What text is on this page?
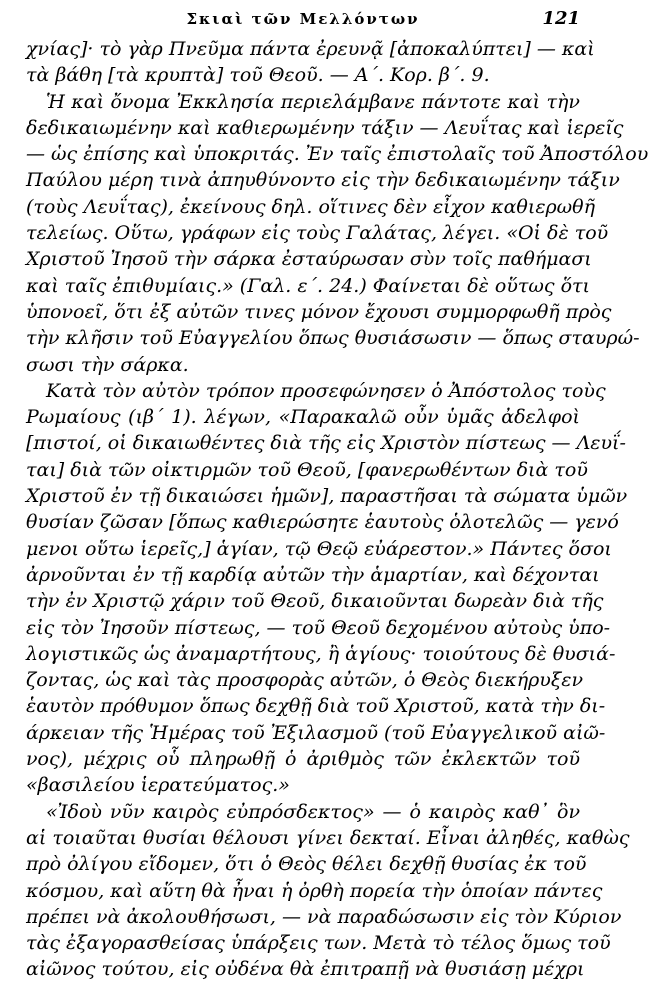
Σκιαὶ τῶν Μελλόντων	121
χνίας]· τὸ γὰρ Πνεῦμα πάντα ἐρευνᾷ [ἀποκαλύπτει] — καὶ
τὰ βάθη [τὰ κρυπτὰ] τοῦ Θεοῦ. — Α΄. Κορ. β΄. 9.
Ἡ καὶ ὄνομα Ἐκκλησία περιελάμβανε πάντοτε καὶ τὴν
δεδικαιωμένην καὶ καθιερωμένην τάξιν — Λευΐτας καὶ ἱερεῖς
— ὡς ἐπίσης καὶ ὑποκριτάς. Ἐν ταῖς ἐπιστολαῖς τοῦ Ἀποστόλου
Παύλου μέρη τινὰ ἀπηυθύνοντο εἰς τὴν δεδικαιωμένην τάξιν
(τοὺς Λευΐτας), ἐκείνους δηλ. οἵτινες δὲν εἶχον καθιερωθῆ
τελείως. Οὕτω, γράφων εἰς τοὺς Γαλάτας, λέγει. «Οἱ δὲ τοῦ
Χριστοῦ Ἰησοῦ τὴν σάρκα ἐσταύρωσαν σὺν τοῖς παθήμασι
καὶ ταῖς ἐπιθυμίαις.» (Γαλ. ε΄. 24.) Φαίνεται δὲ οὕτως ὅτι
ὑπονοεῖ, ὅτι ἐξ αὐτῶν τινες μόνον ἔχουσι συμμορφωθῆ πρὸς
τὴν κλῆσιν τοῦ Εὐαγγελίου ὅπως θυσιάσωσιν — ὅπως σταυρώ-
σωσι τὴν σάρκα.
Κατὰ τὸν αὐτὸν τρόπον προσεφώνησεν ὁ Ἀπόστολος τοὺς
Ρωμαίους (ιβ΄ 1). λέγων, «Παρακαλῶ οὖν ὑμᾶς ἀδελφοὶ
[πιστοί, οἱ δικαιωθέντες διὰ τῆς εἰς Χριστὸν πίστεως — Λευΐ-
ται] διὰ τῶν οἰκτιρμῶν τοῦ Θεοῦ, [φανερωθέντων διὰ τοῦ
Χριστοῦ ἐν τῇ δικαιώσει ἡμῶν], παραστῆσαι τὰ σώματα ὑμῶν
θυσίαν ζῶσαν [ὅπως καθιερώσητε ἑαυτοὺς ὁλοτελῶς — γενό
μενοι οὕτω ἱερεῖς,] ἁγίαν, τῷ Θεῷ εὐάρεστον.» Πάντες ὅσοι
ἀρνοῦνται ἐν τῇ καρδίᾳ αὐτῶν τὴν ἁμαρτίαν, καὶ δέχονται
τὴν ἐν Χριστῷ χάριν τοῦ Θεοῦ, δικαιοῦνται δωρεὰν διὰ τῆς
εἰς τὸν Ἰησοῦν πίστεως, — τοῦ Θεοῦ δεχομένου αὐτοὺς ὑπο-
λογιστικῶς ὡς ἀναμαρτήτους, ἢ ἁγίους· τοιούτους δὲ θυσιά-
ζοντας, ὡς καὶ τὰς προσφορὰς αὐτῶν, ὁ Θεὸς διεκήρυξεν
ἑαυτὸν πρόθυμον ὅπως δεχθῇ διὰ τοῦ Χριστοῦ, κατὰ τὴν δι-
άρκειαν τῆς Ἡμέρας τοῦ Ἐξιλασμοῦ (τοῦ Εὐαγγελικοῦ αἰῶ-
νος), μέχρις οὗ πληρωθῇ ὁ ἀριθμὸς τῶν ἐκλεκτῶν τοῦ
«βασιλείου ἱερατεύματος.»
«Ἰδοὺ νῦν καιρὸς εὐπρόσδεκτος» — ὁ καιρὸς καθ᾽ ὃν
αἱ τοιαῦται θυσίαι θέλουσι γίνει δεκταί. Εἶναι ἀληθές, καθὼς
πρὸ ὀλίγου εἴδομεν, ὅτι ὁ Θεὸς θέλει δεχθῇ θυσίας ἐκ τοῦ
κόσμου, καὶ αὕτη θὰ ἦναι ἡ ὀρθὴ πορεία τὴν ὁποίαν πάντες
πρέπει νὰ ἀκολουθήσωσι, — νὰ παραδώσωσιν εἰς τὸν Κύριον
τὰς ἐξαγορασθείσας ὑπάρξεις των. Μετὰ τὸ τέλος ὅμως τοῦ
αἰῶνος τούτου, εἰς οὐδένα θὰ ἐπιτραπῇ νὰ θυσιάσῃ μέχρι
